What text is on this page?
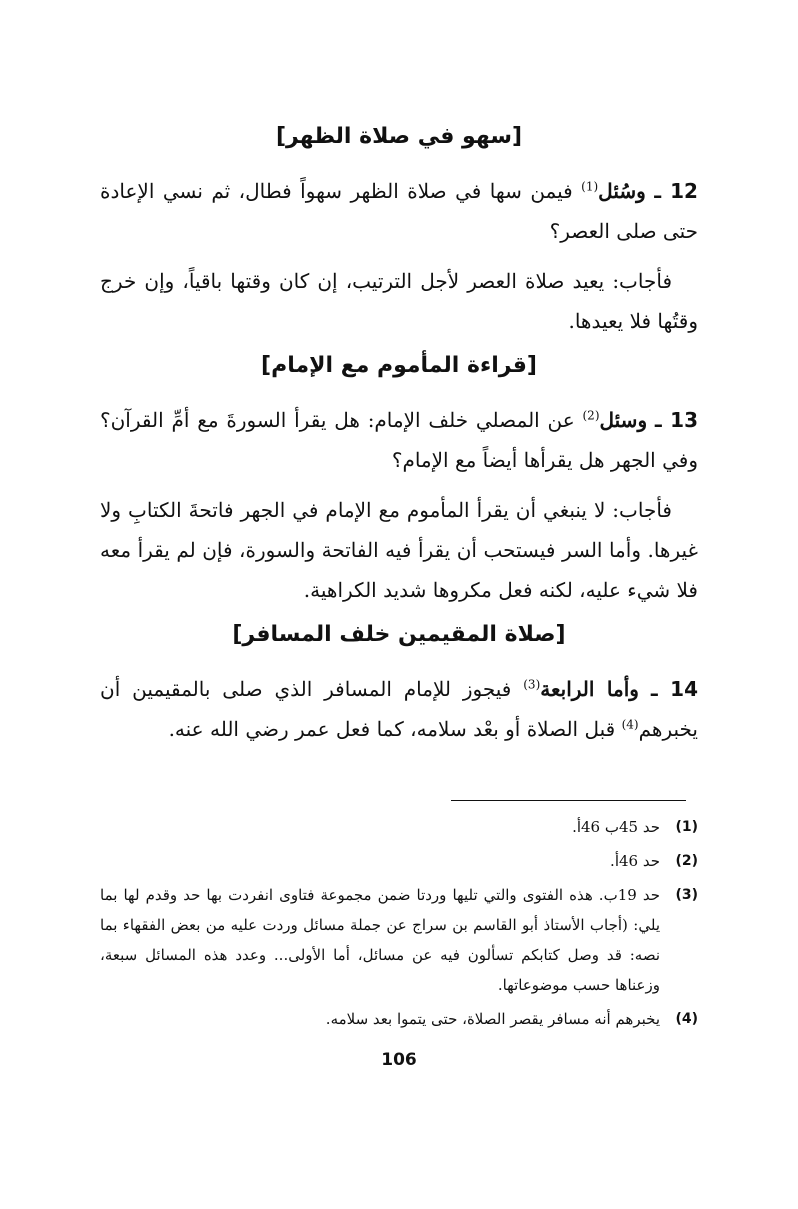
[سهو في صلاة الظهر]

12 ـ وسُئل$^{(1)}$ فيمن سها في صلاة الظهر سهواً فطال، ثم نسي الإعادة حتى صلى العصر؟

فأجاب: يعيد صلاة العصر لأجل الترتيب، إن كان وقتها باقياً، وإن خرج وقتُها فلا يعيدها.

[قراءة المأموم مع الإمام]

13 ـ وسئل$^{(2)}$ عن المصلي خلف الإمام: هل يقرأ السورةَ مع أمِّ القرآن؟ وفي الجهر هل يقرأها أيضاً مع الإمام؟

فأجاب: لا ينبغي أن يقرأ المأموم مع الإمام في الجهر فاتحةَ الكتابِ ولا غيرها. وأما السر فيستحب أن يقرأ فيه الفاتحة والسورة، فإن لم يقرأ معه فلا شيء عليه، لكنه فعل مكروها شديد الكراهية.

[صلاة المقيمين خلف المسافر]

14 ـ وأما الرابعة$^{(3)}$ فيجوز للإمام المسافر الذي صلى بالمقيمين أن يخبرهم$^{(4)}$ قبل الصلاة أو بعْد سلامه، كما فعل عمر رضي الله عنه.

(1)
حد 45ب 46أ.
(2)
حد 46أ.
(3)
حد 19ب. هذه الفتوى والتي تليها وردتا ضمن مجموعة فتاوى انفردت بها حد وقدم لها بما يلي: (أجاب الأستاذ أبو القاسم بن سراج عن جملة مسائل وردت عليه من بعض الفقهاء بما نصه: قد وصل كتابكم تسألون فيه عن مسائل، أما الأولى... وعدد هذه المسائل سبعة، وزعناها حسب موضوعاتها.
(4)
يخبرهم أنه مسافر يقصر الصلاة، حتى يتموا بعد سلامه.
106
